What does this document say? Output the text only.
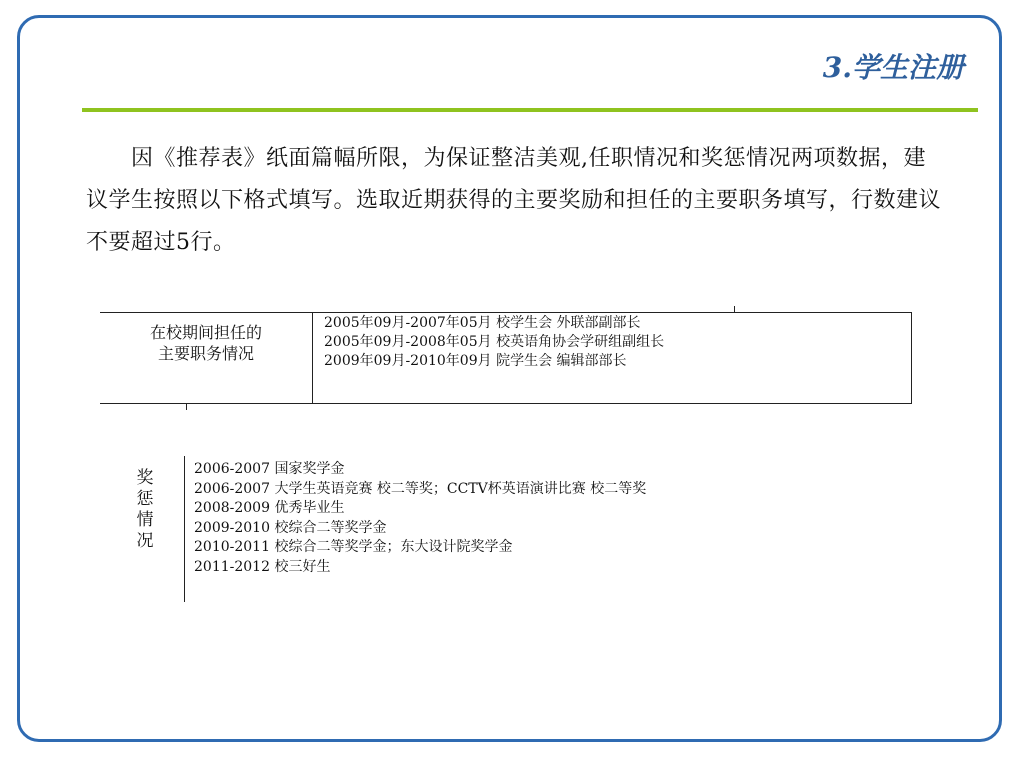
3.学生注册

　　因《推荐表》纸面篇幅所限，为保证整洁美观,任职情况和奖惩情况两项数据，建议学生按照以下格式填写。选取近期获得的主要奖励和担任的主要职务填写，行数建议不要超过5行。

在校期间担任的
主要职务情况
2005年09月-2007年05月 校学生会 外联部副部长
2005年09月-2008年05月 校英语角协会学研组副组长
2009年09月-2010年09月 院学生会 编辑部部长
奖
惩
情
况
2006-2007 国家奖学金
2006-2007 大学生英语竞赛 校二等奖；CCTV杯英语演讲比赛 校二等奖
2008-2009 优秀毕业生
2009-2010 校综合二等奖学金
2010-2011 校综合二等奖学金；东大设计院奖学金
2011-2012 校三好生
